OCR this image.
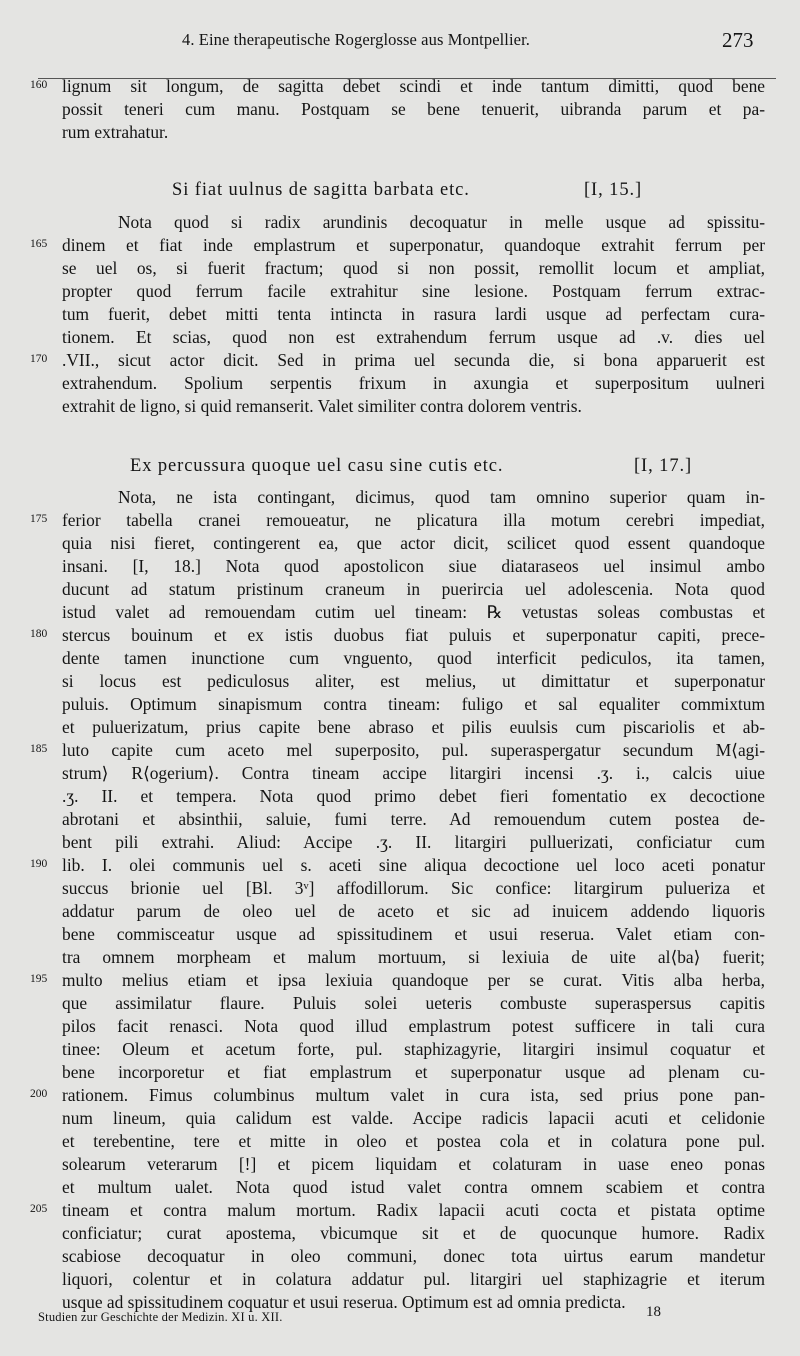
4. Eine therapeutische Rogerglosse aus Montpellier.	273
160 lignum sit longum, de sagitta debet scindi et inde tantum dimitti, quod bene
possit teneri cum manu. Postquam se bene tenuerit, uibranda parum et pa-
rum extrahatur.
Si fiat uulnus de sagitta barbata etc.	[I, 15.]
Nota quod si radix arundinis decoquatur in melle usque ad spissitu-
165 dinem et fiat inde emplastrum et superponatur, quandoque extrahit ferrum per
se uel os, si fuerit fractum; quod si non possit, remollit locum et ampliat,
propter quod ferrum facile extrahitur sine lesione. Postquam ferrum extrac-
tum fuerit, debet mitti tenta intincta in rasura lardi usque ad perfectam cura-
tionem. Et scias, quod non est extrahendum ferrum usque ad .v. dies uel
170 .VII., sicut actor dicit. Sed in prima uel secunda die, si bona apparuerit est
extrahendum. Spolium serpentis frixum in axungia et superpositum uulneri
extrahit de ligno, si quid remanserit. Valet similiter contra dolorem ventris.
Ex percussura quoque uel casu sine cutis etc.	[I, 17.]
Nota, ne ista contingant, dicimus, quod tam omnino superior quam in-
175 ferior tabella cranei remoueatur, ne plicatura illa motum cerebri impediat,
quia nisi fieret, contingerent ea, que actor dicit, scilicet quod essent quandoque
insani. [I, 18.] Nota quod apostolicon siue diataraseos uel insimul ambo
ducunt ad statum pristinum craneum in puerircia uel adolescenia. Nota quod
istud valet ad remouendam cutim uel tineam: ℞ vetustas soleas combustas et
180 stercus bouinum et ex istis duobus fiat puluis et superponatur capiti, prece-
dente tamen inunctione cum vnguento, quod interficit pediculos, ita tamen,
si locus est pediculosus aliter, est melius, ut dimittatur et superponatur
puluis. Optimum sinapismum contra tineam: fuligo et sal equaliter commixtum
et puluerizatum, prius capite bene abraso et pilis euulsis cum piscariolis et ab-
185 luto capite cum aceto mel superposito, pul. superaspergatur secundum M⟨agi-
strum⟩ R⟨ogerium⟩. Contra tineam accipe litargiri incensi .ʒ. i., calcis uiue
.ʒ. II. et tempera. Nota quod primo debet fieri fomentatio ex decoctione
abrotani et absinthii, saluie, fumi terre. Ad remouendum cutem postea de-
bent pili extrahi. Aliud: Accipe .ʒ. II. litargiri pulluerizati, conficiatur cum
190 lib. I. olei communis uel s. aceti sine aliqua decoctione uel loco aceti ponatur
succus brionie uel [Bl. 3ᵛ] affodillorum. Sic confice: litargirum pulueriza et
addatur parum de oleo uel de aceto et sic ad inuicem addendo liquoris
bene commisceatur usque ad spissitudinem et usui reserua. Valet etiam con-
tra omnem morpheam et malum mortuum, si lexiuia de uite al⟨ba⟩ fuerit;
195 multo melius etiam et ipsa lexiuia quandoque per se curat. Vitis alba herba,
que assimilatur flaure. Puluis solei ueteris combuste superaspersus capitis
pilos facit renasci. Nota quod illud emplastrum potest sufficere in tali cura
tinee: Oleum et acetum forte, pul. staphizagyrie, litargiri insimul coquatur et
bene incorporetur et fiat emplastrum et superponatur usque ad plenam cu-
200 rationem. Fimus columbinus multum valet in cura ista, sed prius pone pan-
num lineum, quia calidum est valde. Accipe radicis lapacii acuti et celidonie
et terebentine, tere et mitte in oleo et postea cola et in colatura pone pul.
solearum veterarum [!] et picem liquidam et colaturam in uase eneo ponas
et multum ualet. Nota quod istud valet contra omnem scabiem et contra
205 tineam et contra malum mortum. Radix lapacii acuti cocta et pistata optime
conficiatur; curat apostema, vbicumque sit et de quocunque humore. Radix
scabiose decoquatur in oleo communi, donec tota uirtus earum mandetur
liquori, colentur et in colatura addatur pul. litargiri uel staphizagrie et iterum
usque ad spissitudinem coquatur et usui reserua. Optimum est ad omnia predicta.
Studien zur Geschichte der Medizin. XI u. XII.	18
